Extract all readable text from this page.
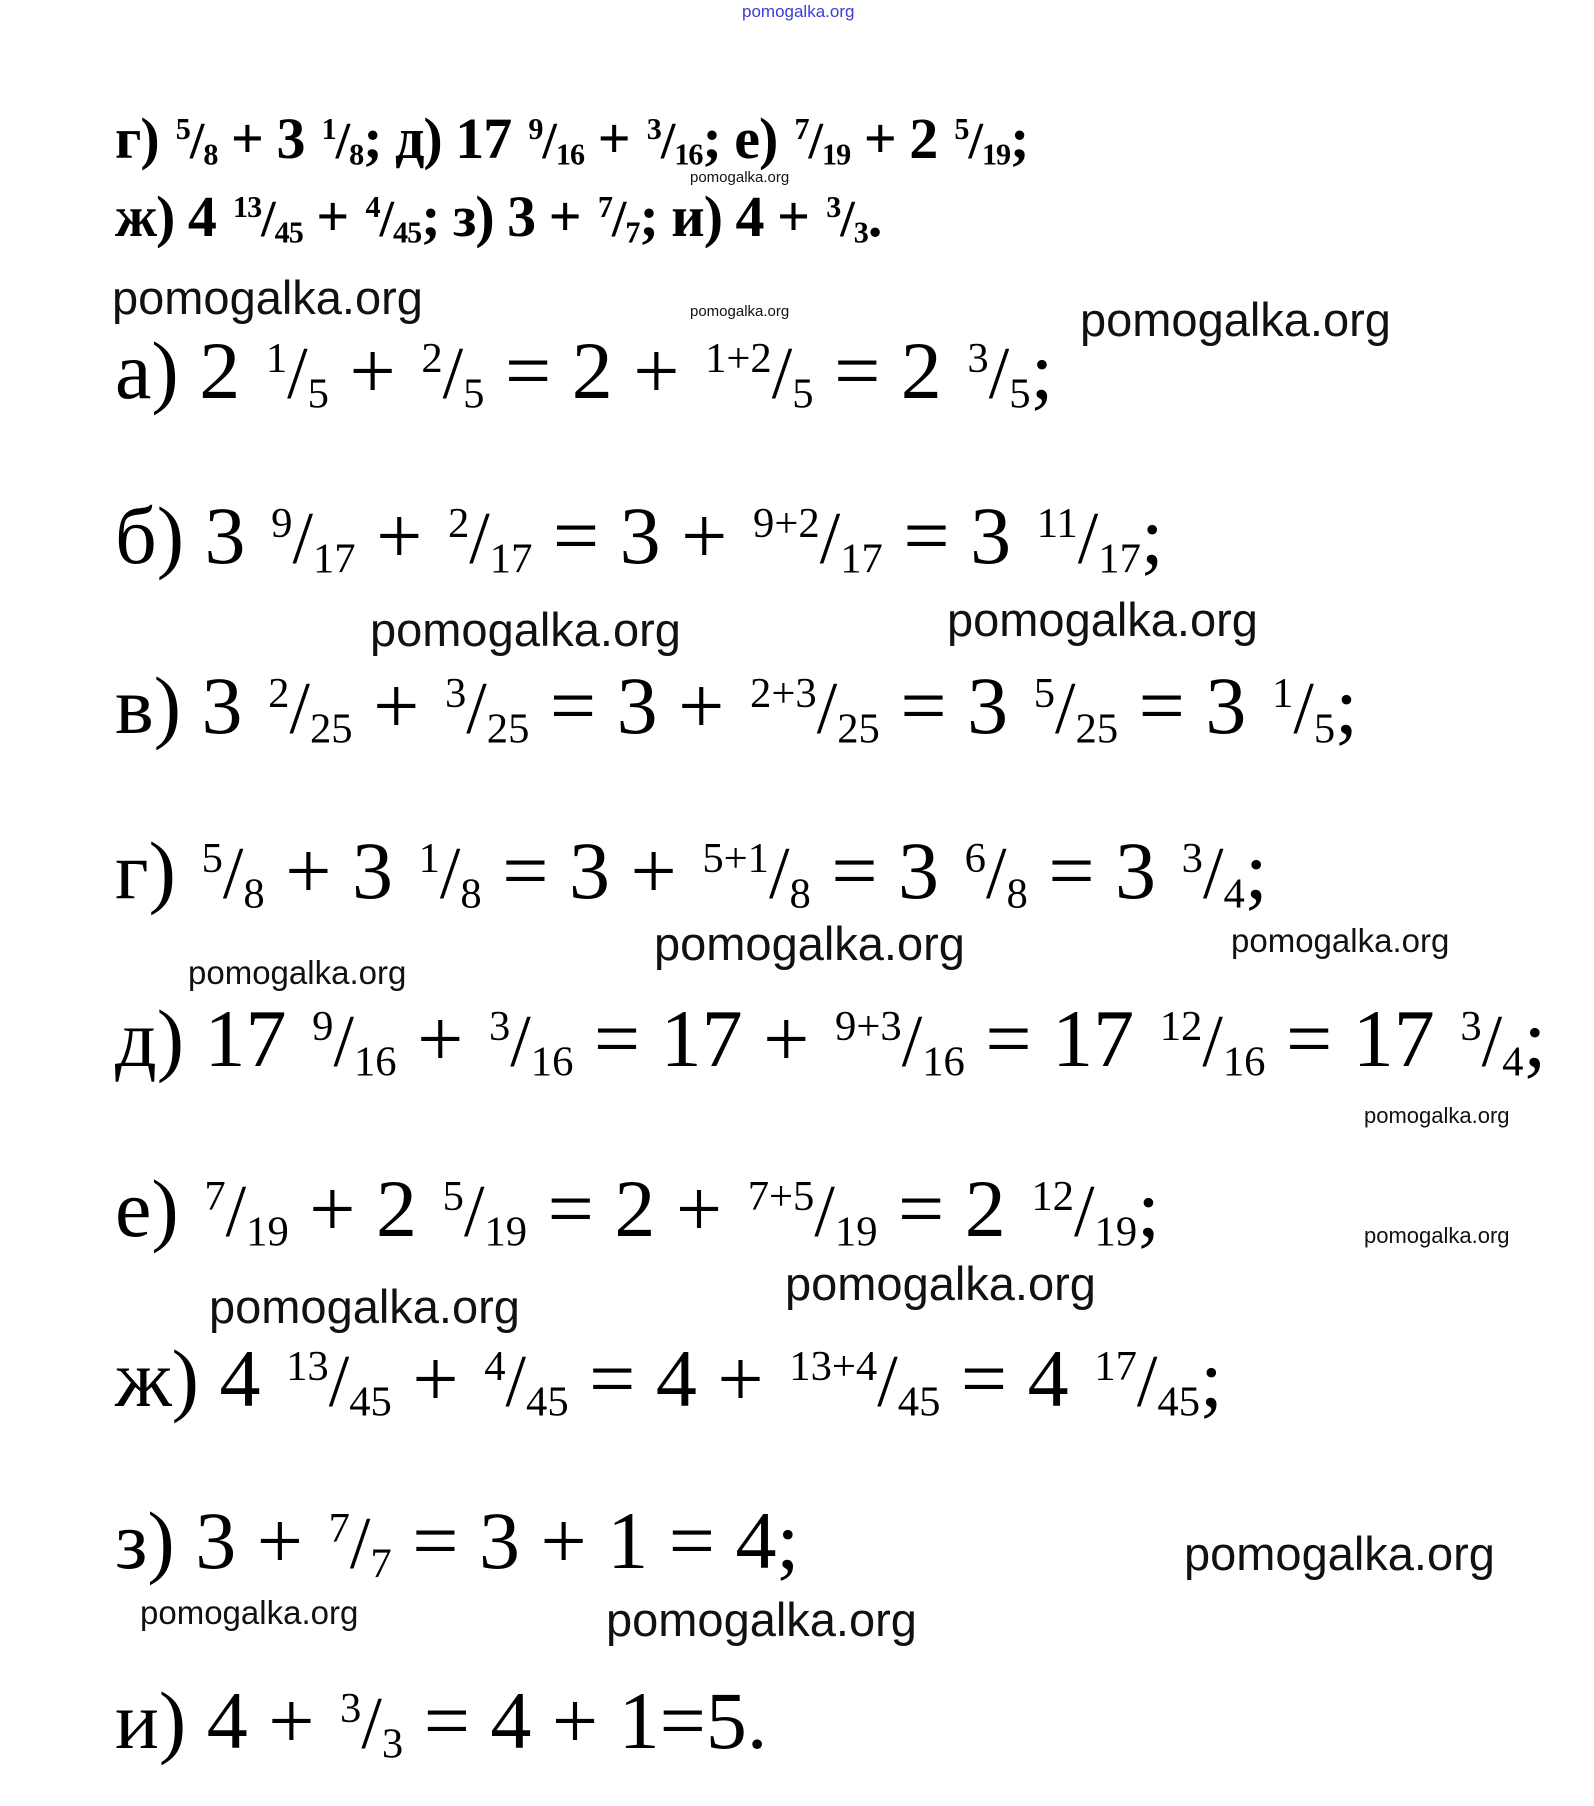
pomogalka.org
г) $^5$/8 + 3 $^1$/8; д) 17 $^9$/16 + $^3$/16; е) $^7$/19 + 2 $^5$/19;
ж) 4 $^{13}$/45 + $^4$/45; з) 3 + $^7$/7; и) 4 + $^3$/3.
а) 2 $^1$/5 + $^2$/5 = 2 + $^{1+2}$/5 = 2 $^3$/5;
б) 3 $^9$/17 + $^2$/17 = 3 + $^{9+2}$/17 = 3 $^{11}$/17;
в) 3 $^2$/25 + $^3$/25 = 3 + $^{2+3}$/25 = 3 $^5$/25 = 3 $^1$/5;
г) $^5$/8 + 3 $^1$/8 = 3 + $^{5+1}$/8 = 3 $^6$/8 = 3 $^3$/4;
д) 17 $^9$/16 + $^3$/16 = 17 + $^{9+3}$/16 = 17 $^{12}$/16 = 17 $^3$/4;
е) $^7$/19 + 2 $^5$/19 = 2 + $^{7+5}$/19 = 2 $^{12}$/19;
ж) 4 $^{13}$/45 + $^4$/45 = 4 + $^{13+4}$/45 = 4 $^{17}$/45;
з) 3 + $^7$/7 = 3 + 1 = 4;
и) 4 + $^3$/3 = 4 + 1=5.
pomogalka.org
pomogalka.org	pomogalka.org	pomogalka.org
pomogalka.org	pomogalka.org
pomogalka.org	pomogalka.org
pomogalka.org
pomogalka.org
pomogalka.org
pomogalka.org
pomogalka.org
pomogalka.org
pomogalka.org	pomogalka.org
